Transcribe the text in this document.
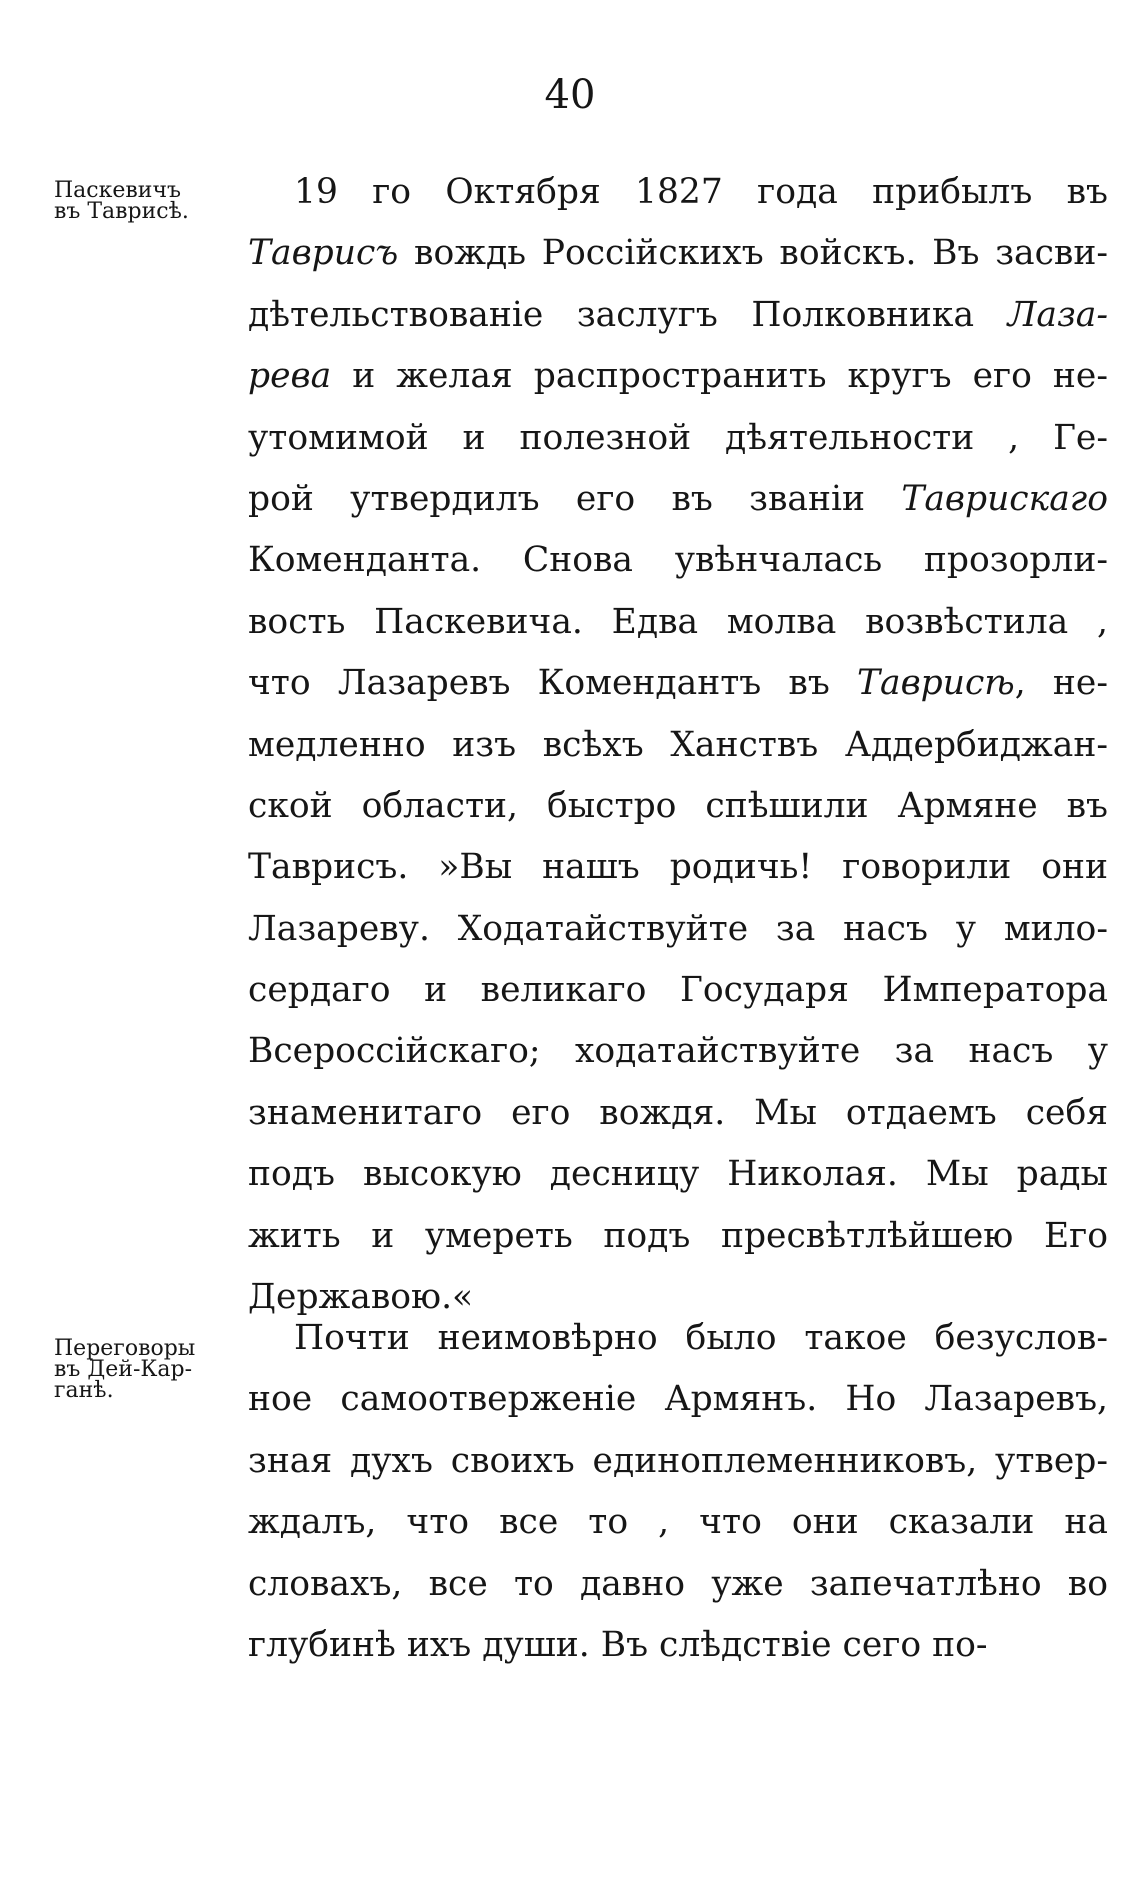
40

Паскевичъ
въ Таврисѣ.

Переговоры
въ Дей-Кар-
ганѣ.

19 го Октября 1827 года прибылъ въ
Таврисъ вождь Россійскихъ войскъ. Въ засви-
дѣтельствованіе заслугъ Полковника Лаза-
рева и желая распространить кругъ его не-
утомимой и полезной дѣятельности , Ге-
рой утвердилъ его въ званіи Таврискаго
Коменданта. Снова увѣнчалась прозорли-
вость Паскевича. Едва молва возвѣстила ,
что Лазаревъ Комендантъ въ Таврисѣ, не-
медленно изъ всѣхъ Ханствъ Аддербиджан-
ской области, быстро спѣшили Армяне въ
Таврисъ. »Вы нашъ родичь! говорили они
Лазареву. Ходатайствуйте за насъ у мило-
сердаго и великаго Государя Императора
Всероссійскаго; ходатайствуйте за насъ у
знаменитаго его вождя. Мы отдаемъ себя
подъ высокую десницу Николая. Мы рады
жить и умереть подъ пресвѣтлѣйшею Его
Державою.«
Почти неимовѣрно было такое безуслов-
ное самоотверженіе Армянъ. Но Лазаревъ,
зная духъ своихъ единоплеменниковъ, утвер-
ждалъ, что все то , что они сказали на
словахъ, все то давно уже запечатлѣно во
глубинѣ ихъ души. Въ слѣдствіе сего по-
